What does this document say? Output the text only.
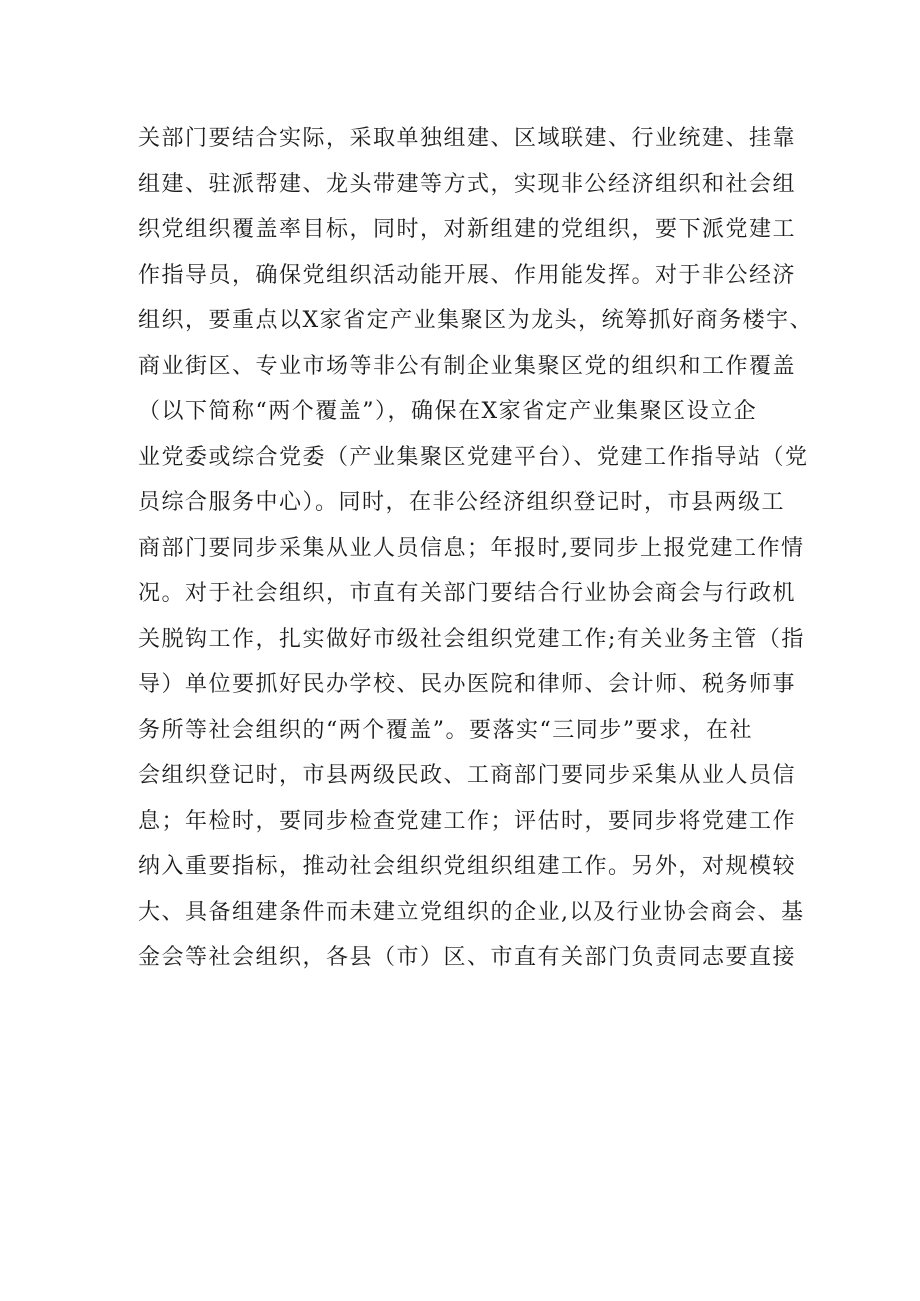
关部门要结合实际，采取单独组建、区域联建、行业统建、挂靠
组建、驻派帮建、龙头带建等方式，实现非公经济组织和社会组
织党组织覆盖率目标，同时，对新组建的党组织，要下派党建工
作指导员，确保党组织活动能开展、作用能发挥。对于非公经济
组织，要重点以X家省定产业集聚区为龙头，统筹抓好商务楼宇、
商业街区、专业市场等非公有制企业集聚区党的组织和工作覆盖
（以下简称“两个覆盖”），确保在X家省定产业集聚区设立企
业党委或综合党委（产业集聚区党建平台）、党建工作指导站（党
员综合服务中心）。同时，在非公经济组织登记时，市县两级工
商部门要同步采集从业人员信息；年报时,要同步上报党建工作情
况。对于社会组织，市直有关部门要结合行业协会商会与行政机
关脱钩工作，扎实做好市级社会组织党建工作;有关业务主管（指
导）单位要抓好民办学校、民办医院和律师、会计师、税务师事
务所等社会组织的“两个覆盖”。要落实“三同步”要求，在社
会组织登记时，市县两级民政、工商部门要同步采集从业人员信
息；年检时，要同步检查党建工作；评估时，要同步将党建工作
纳入重要指标，推动社会组织党组织组建工作。另外，对规模较
大、具备组建条件而未建立党组织的企业,以及行业协会商会、基
金会等社会组织，各县（市）区、市直有关部门负责同志要直接
